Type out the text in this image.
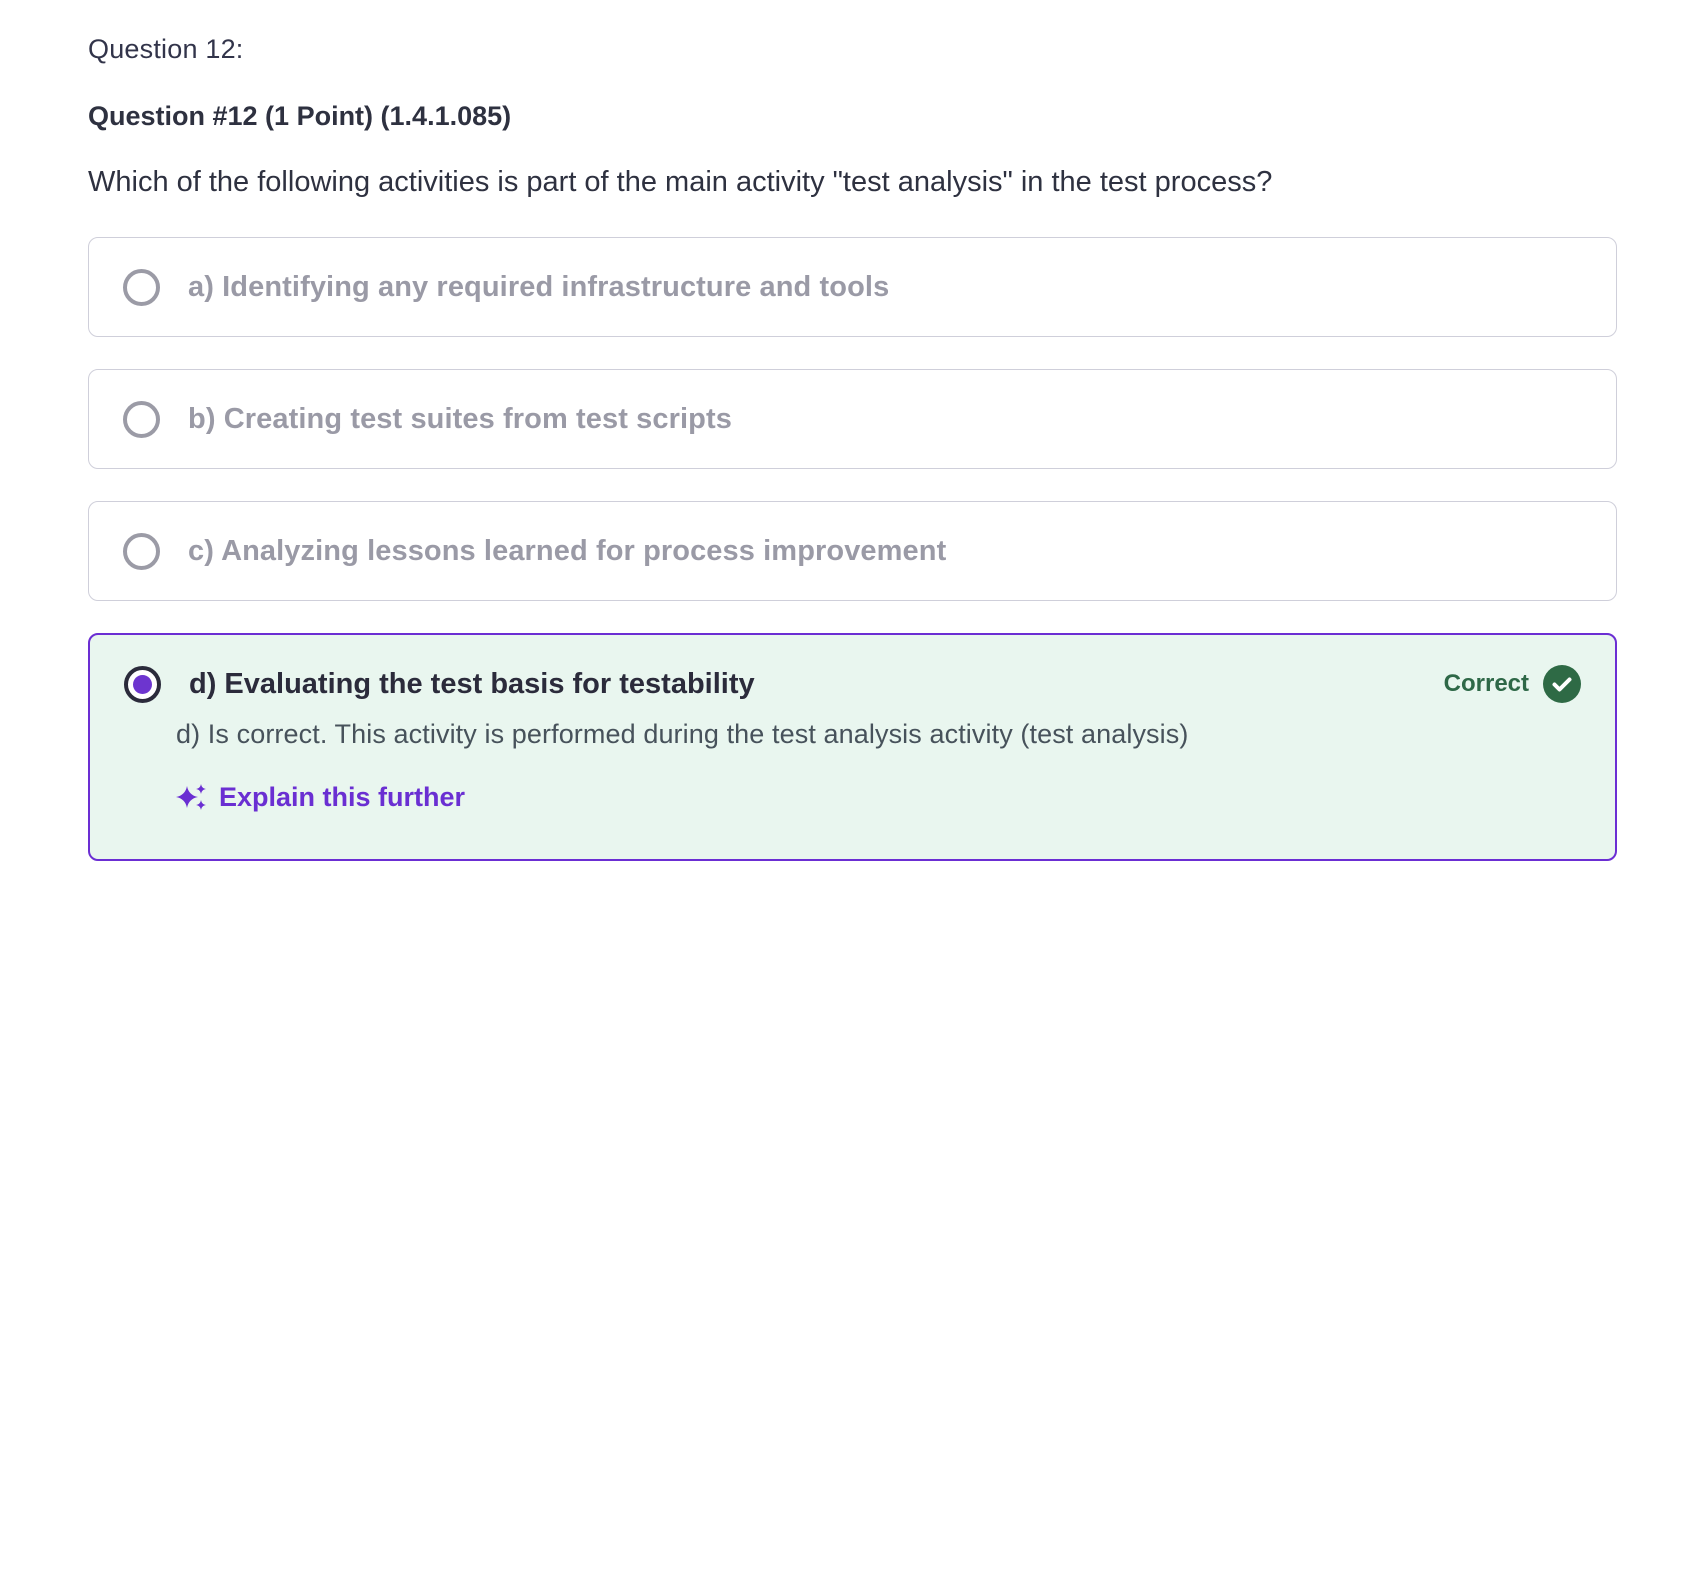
Question 12:
Question #12 (1 Point) (1.4.1.085)
Which of the following activities is part of the main activity "test analysis" in the test process?
a) Identifying any required infrastructure and tools
b) Creating test suites from test scripts
c) Analyzing lessons learned for process improvement
d) Evaluating the test basis for testability	Correct
d) Is correct. This activity is performed during the test analysis activity (test analysis)
Explain this further
